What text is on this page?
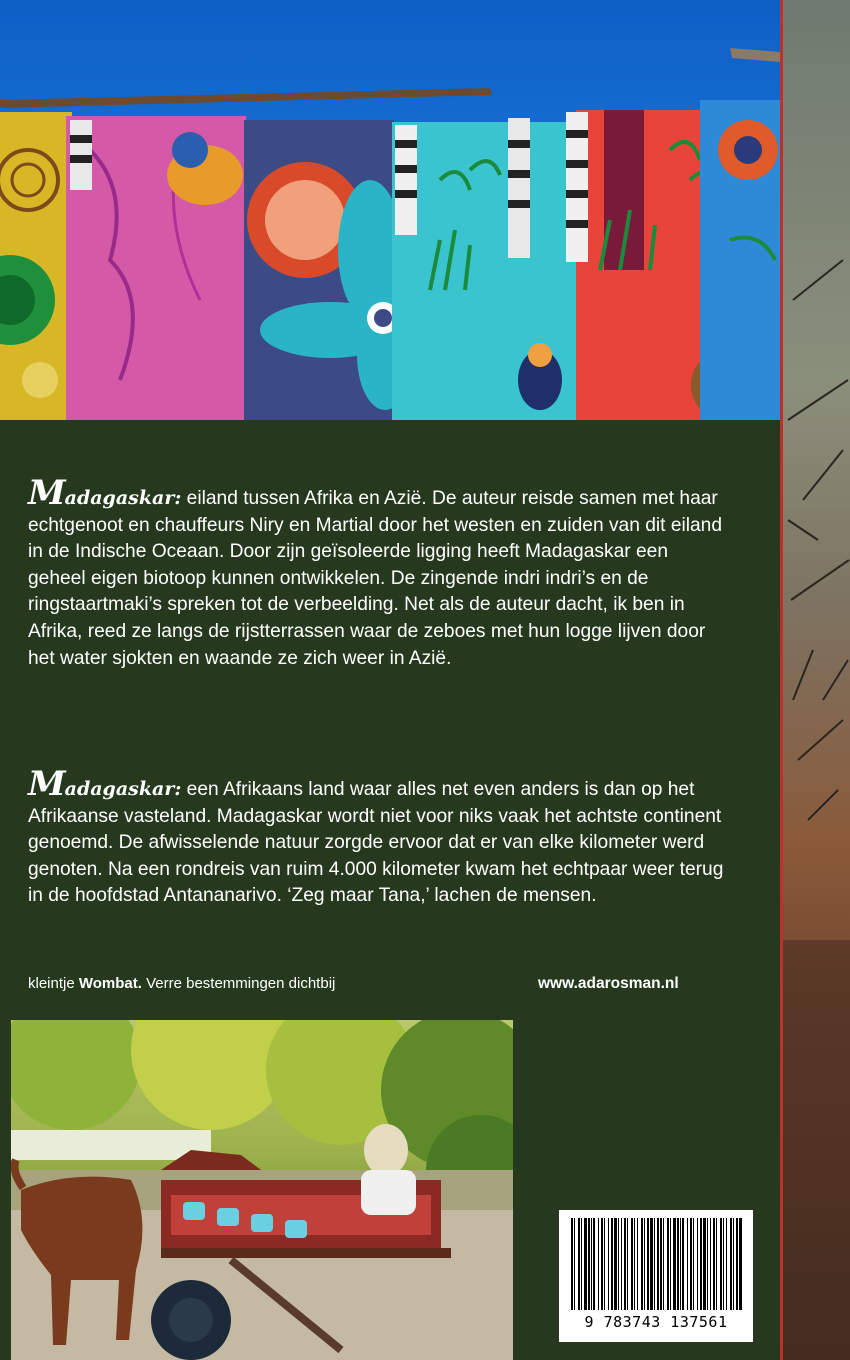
Madagaskar: eiland tussen Afrika en Azië. De auteur reisde samen met haar echtgenoot en chauffeurs Niry en Martial door het westen en zuiden van dit eiland in de Indische Oceaan. Door zijn geïsoleerde ligging heeft Madagaskar een geheel eigen biotoop kunnen ontwikkelen. De zingende indri indri’s en de ringstaartmaki’s spreken tot de verbeelding. Net als de auteur dacht, ik ben in Afrika, reed ze langs de rijstterrassen waar de zeboes met hun logge lijven door het water sjokten en waande ze zich weer in Azië.

Madagaskar: een Afrikaans land waar alles net even anders is dan op het Afrikaanse vasteland. Madagaskar wordt niet voor niks vaak het achtste continent genoemd. De afwisselende natuur zorgde ervoor dat er van elke kilometer werd genoten. Na een rondreis van ruim 4.000 kilometer kwam het echtpaar weer terug in de hoofdstad Antananarivo. ‘Zeg maar Tana,’ lachen de mensen.

kleintje Wombat. Verre bestemmingen dichtbij	www.adarosman.nl
9 783743 137561
